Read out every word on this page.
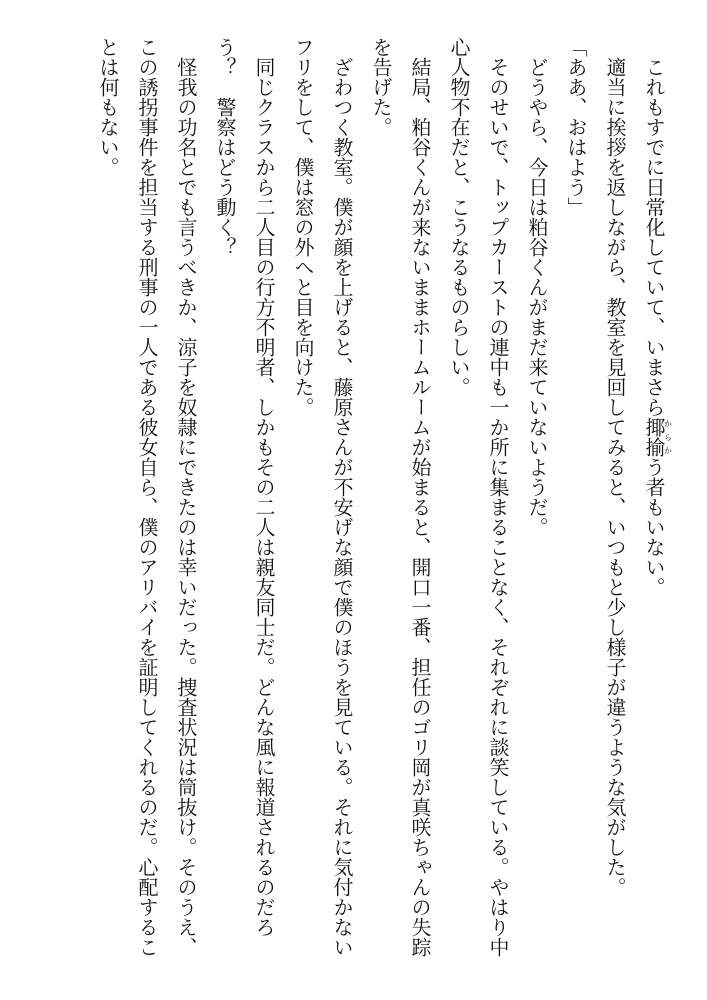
　これもすでに日常化していて、いまさら揶揄からかう者もいない。

　適当に挨拶を返しながら、教室を見回してみると、いつもと少し様子が違うような気がした。

「ああ、おはよう」

　どうやら、今日は粕谷くんがまだ来ていないようだ。

　そのせいで、トップカーストの連中も一か所に集まることなく、それぞれに談笑している。やはり中心人物不在だと、こうなるものらしい。

　結局、粕谷くんが来ないままホームルームが始まると、開口一番、担任のゴリ岡が真咲ちゃんの失踪を告げた。

　ざわつく教室。僕が顔を上げると、藤原さんが不安げな顔で僕のほうを見ている。それに気付かないフリをして、僕は窓の外へと目を向けた。

　同じクラスから二人目の行方不明者、しかもその二人は親友同士だ。どんな風に報道されるのだろう？　警察はどう動く？

　怪我の功名とでも言うべきか、涼子を奴隷にできたのは幸いだった。捜査状況は筒抜け。そのうえ、この誘拐事件を担当する刑事の一人である彼女自ら、僕のアリバイを証明してくれるのだ。心配することは何もない。
